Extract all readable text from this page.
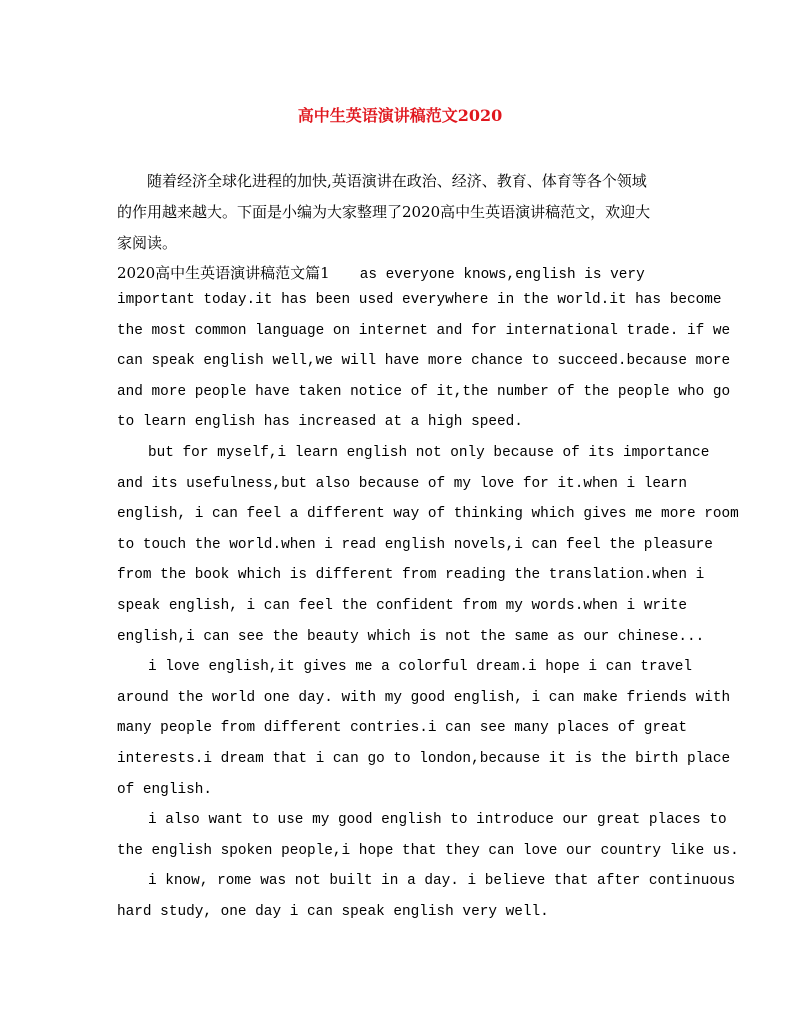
高中生英语演讲稿范文2020
随着经济全球化进程的加快,英语演讲在政治、经济、教育、体育等各个领域
的作用越来越大。下面是小编为大家整理了2020高中生英语演讲稿范文，欢迎大
家阅读。
2020高中生英语演讲稿范文篇1 as everyone knows,english is very
important today.it has been used everywhere in the world.it has become
the most common language on internet and for international trade. if we
can speak english well,we will have more chance to succeed.because more
and more people have taken notice of it,the number of the people who go
to learn english has increased at a high speed.
but for myself,i learn english not only because of its importance
and its usefulness,but also because of my love for it.when i learn
english, i can feel a different way of thinking which gives me more room
to touch the world.when i read english novels,i can feel the pleasure
from the book which is different from reading the translation.when i
speak english, i can feel the confident from my words.when i write
english,i can see the beauty which is not the same as our chinese...
i love english,it gives me a colorful dream.i hope i can travel
around the world one day. with my good english, i can make friends with
many people from different contries.i can see many places of great
interests.i dream that i can go to london,because it is the birth place
of english.
i also want to use my good english to introduce our great places to
the english spoken people,i hope that they can love our country like us.
i know, rome was not built in a day. i believe that after continuous
hard study, one day i can speak english very well.
